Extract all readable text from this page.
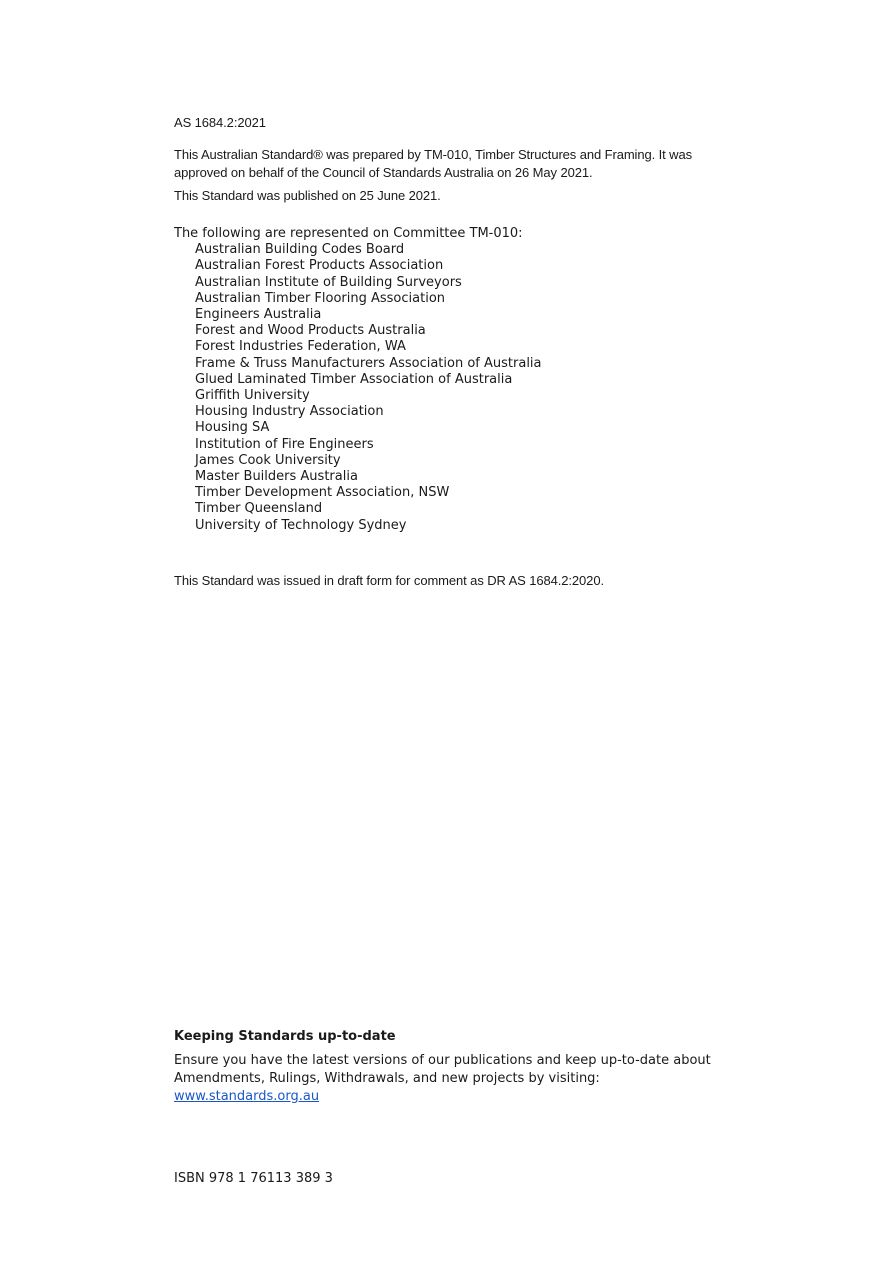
AS 1684.2:2021

This Australian Standard® was prepared by TM-010, Timber Structures and Framing. It was approved on behalf of the Council of Standards Australia on 26 May 2021.

This Standard was published on 25 June 2021.
The following are represented on Committee TM-010:
Australian Building Codes Board
Australian Forest Products Association
Australian Institute of Building Surveyors
Australian Timber Flooring Association
Engineers Australia
Forest and Wood Products Australia
Forest Industries Federation, WA
Frame & Truss Manufacturers Association of Australia
Glued Laminated Timber Association of Australia
Griffith University
Housing Industry Association
Housing SA
Institution of Fire Engineers
James Cook University
Master Builders Australia
Timber Development Association, NSW
Timber Queensland
University of Technology Sydney
This Standard was issued in draft form for comment as DR AS 1684.2:2020.
Keeping Standards up-to-date

Ensure you have the latest versions of our publications and keep up-to-date about Amendments, Rulings, Withdrawals, and new projects by visiting:
www.standards.org.au

ISBN 978 1 76113 389 3
